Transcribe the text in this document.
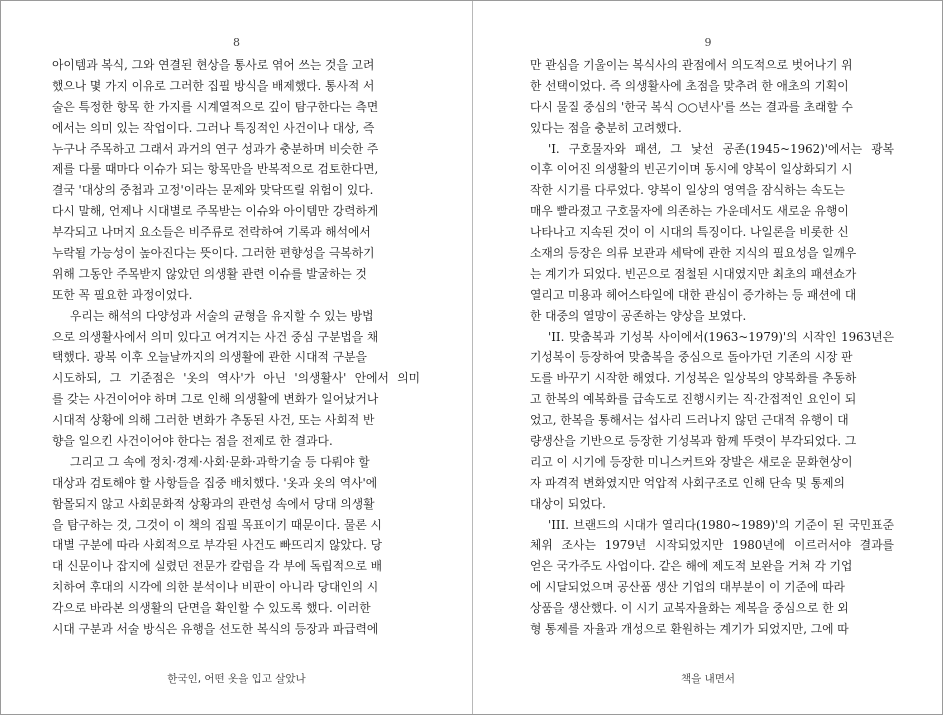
8
아이템과 복식, 그와 연결된 현상을 통사로 엮어 쓰는 것을 고려
했으나 몇 가지 이유로 그러한 집필 방식을 배제했다. 통사적 서
술은 특정한 항목 한 가지를 시계열적으로 깊이 탐구한다는 측면
에서는 의미 있는 작업이다. 그러나 특징적인 사건이나 대상, 즉
누구나 주목하고 그래서 과거의 연구 성과가 충분하며 비슷한 주
제를 다룰 때마다 이슈가 되는 항목만을 반복적으로 검토한다면,
결국 '대상의 중첩과 고정'이라는 문제와 맞닥뜨릴 위험이 있다.
다시 말해, 언제나 시대별로 주목받는 이슈와 아이템만 강력하게
부각되고 나머지 요소들은 비주류로 전락하여 기록과 해석에서
누락될 가능성이 높아진다는 뜻이다. 그러한 편향성을 극복하기
위해 그동안 주목받지 않았던 의생활 관련 이슈를 발굴하는 것
또한 꼭 필요한 과정이었다.
우리는 해석의 다양성과 서술의 균형을 유지할 수 있는 방법
으로 의생활사에서 의미 있다고 여겨지는 사건 중심 구분법을 채
택했다. 광복 이후 오늘날까지의 의생활에 관한 시대적 구분을
시도하되, 그 기준점은 '옷의 역사'가 아닌 '의생활사' 안에서 의미
를 갖는 사건이어야 하며 그로 인해 의생활에 변화가 일어났거나
시대적 상황에 의해 그러한 변화가 추동된 사건, 또는 사회적 반
향을 일으킨 사건이어야 한다는 점을 전제로 한 결과다.
그리고 그 속에 정치·경제·사회·문화·과학기술 등 다뤄야 할
대상과 검토해야 할 사항들을 집중 배치했다. '옷과 옷의 역사'에
함몰되지 않고 사회문화적 상황과의 관련성 속에서 당대 의생활
을 탐구하는 것, 그것이 이 책의 집필 목표이기 때문이다. 물론 시
대별 구분에 따라 사회적으로 부각된 사건도 빠뜨리지 않았다. 당
대 신문이나 잡지에 실렸던 전문가 칼럼을 각 부에 독립적으로 배
치하여 후대의 시각에 의한 분석이나 비판이 아니라 당대인의 시
각으로 바라본 의생활의 단면을 확인할 수 있도록 했다. 이러한
시대 구분과 서술 방식은 유행을 선도한 복식의 등장과 파급력에
한국인, 어떤 옷을 입고 살았나
9
만 관심을 기울이는 복식사의 관점에서 의도적으로 벗어나기 위
한 선택이었다. 즉 의생활사에 초점을 맞추려 한 애초의 기획이
다시 물질 중심의 '한국 복식 ○○년사'를 쓰는 결과를 초래할 수
있다는 점을 충분히 고려했다.
'I. 구호물자와 패션, 그 낯선 공존(1945~1962)'에서는 광복
이후 이어진 의생활의 빈곤기이며 동시에 양복이 일상화되기 시
작한 시기를 다루었다. 양복이 일상의 영역을 잠식하는 속도는
매우 빨라졌고 구호물자에 의존하는 가운데서도 새로운 유행이
나타나고 지속된 것이 이 시대의 특징이다. 나일론을 비롯한 신
소재의 등장은 의류 보관과 세탁에 관한 지식의 필요성을 일깨우
는 계기가 되었다. 빈곤으로 점철된 시대였지만 최초의 패션쇼가
열리고 미용과 헤어스타일에 대한 관심이 증가하는 등 패션에 대
한 대중의 열망이 공존하는 양상을 보였다.
'II. 맞춤복과 기성복 사이에서(1963~1979)'의 시작인 1963년은
기성복이 등장하여 맞춤복을 중심으로 돌아가던 기존의 시장 판
도를 바꾸기 시작한 해였다. 기성복은 일상복의 양복화를 추동하
고 한복의 예복화를 급속도로 진행시키는 직·간접적인 요인이 되
었고, 한복을 통해서는 섭사리 드러나지 않던 근대적 유행이 대
량생산을 기반으로 등장한 기성복과 함께 뚜렷이 부각되었다. 그
리고 이 시기에 등장한 미니스커트와 장발은 새로운 문화현상이
자 파격적 변화였지만 억압적 사회구조로 인해 단속 및 통제의
대상이 되었다.
'III. 브랜드의 시대가 열리다(1980~1989)'의 기준이 된 국민표준
체위 조사는 1979년 시작되었지만 1980년에 이르러서야 결과를
얻은 국가주도 사업이다. 같은 해에 제도적 보완을 거쳐 각 기업
에 시달되었으며 공산품 생산 기업의 대부분이 이 기준에 따라
상품을 생산했다. 이 시기 교복자율화는 제복을 중심으로 한 외
형 통제를 자율과 개성으로 환원하는 계기가 되었지만, 그에 따
책을 내면서
